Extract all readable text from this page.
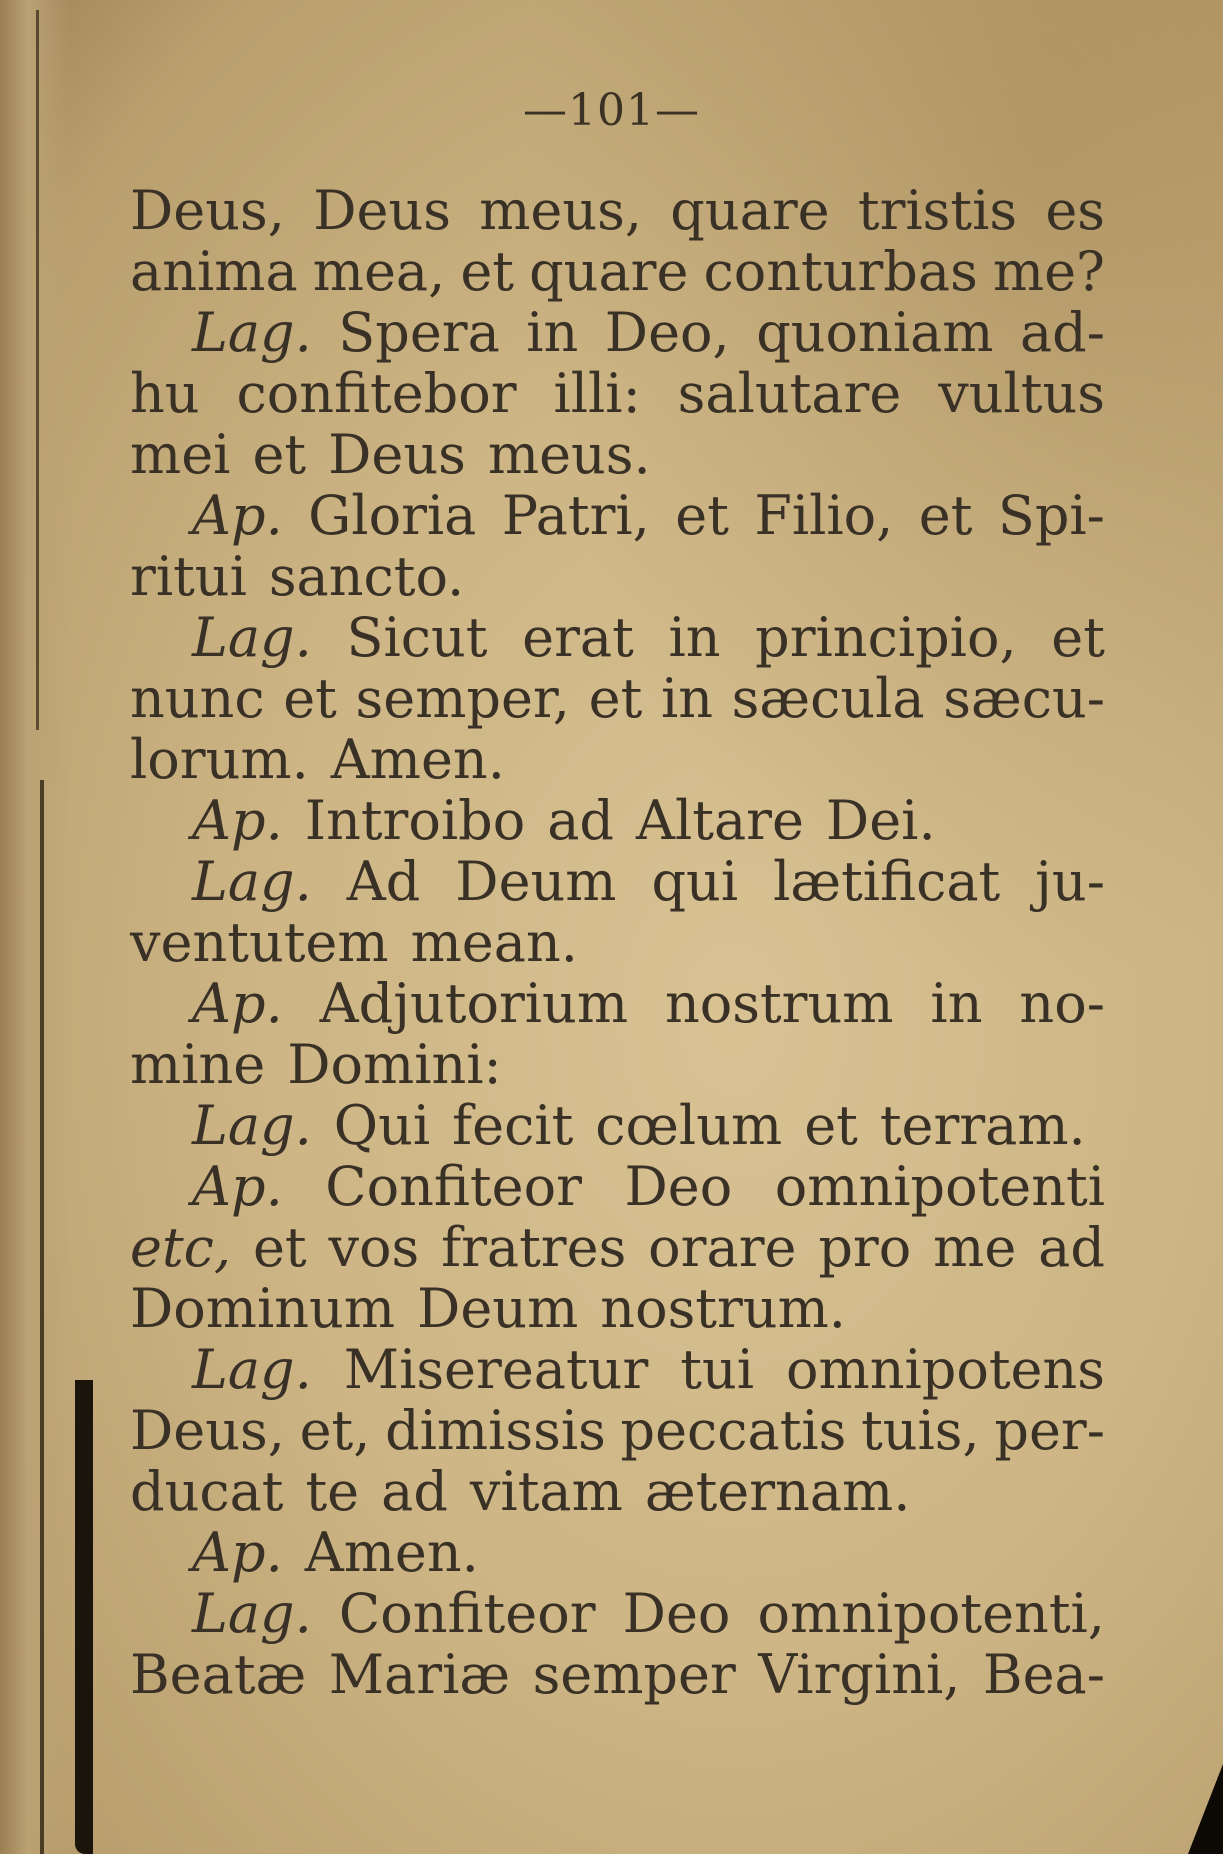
—101—
Deus, Deus meus, quare tristis es
anima mea, et quare conturbas me?
Lag. Spera in Deo, quoniam ad-
hu confitebor illi: salutare vultus
mei et Deus meus.
Ap. Gloria Patri, et Filio, et Spi-
ritui sancto.
Lag. Sicut erat in principio, et
nunc et semper, et in sæcula sæcu-
lorum. Amen.
Ap. Introibo ad Altare Dei.
Lag. Ad Deum qui lætificat ju-
ventutem mean.
Ap. Adjutorium nostrum in no-
mine Domini:
Lag. Qui fecit cœlum et terram.
Ap. Confiteor Deo omnipotenti
etc, et vos fratres orare pro me ad
Dominum Deum nostrum.
Lag. Misereatur tui omnipotens
Deus, et, dimissis peccatis tuis, per-
ducat te ad vitam æternam.
Ap. Amen.
Lag. Confiteor Deo omnipotenti,
Beatæ Mariæ semper Virgini, Bea-
